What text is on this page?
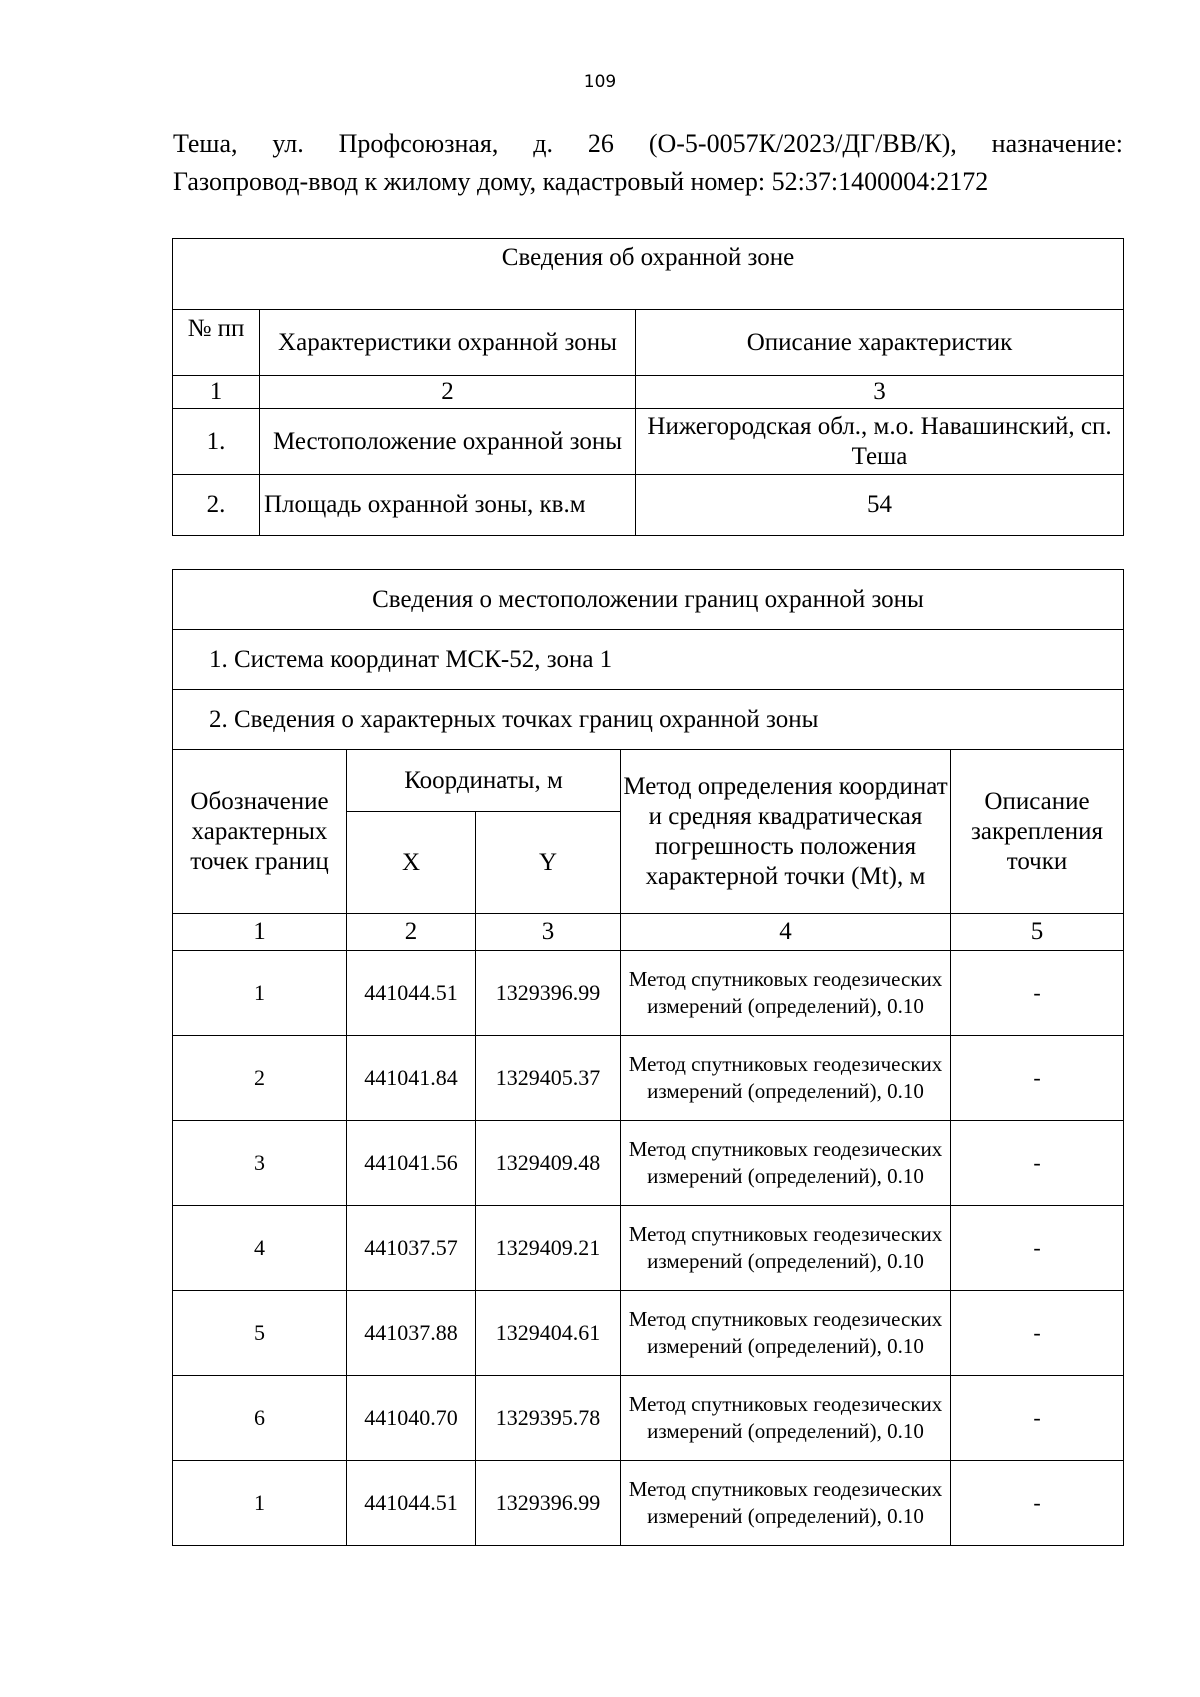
109
Теша, ул. Профсоюзная, д. 26 (О-5-0057К/2023/ДГ/ВВ/К), назначение:
Газопровод-ввод к жилому дому, кадастровый номер: 52:37:1400004:2172
Сведения об охранной зоне		
№ пп	Характеристики охранной зоны	Описание характеристик
1	2	3
1.	Местоположение охранной зоны	Нижегородская обл., м.о. Навашинский, сп. Теша
2.	Площадь охранной зоны, кв.м	54
Сведения о местоположении границ охранной зоны				
1. Система координат МСК-52, зона 1				
2. Сведения о характерных точках границ охранной зоны				
Обозначение характерных точек границ	Координаты, м		Метод определения координат и средняя квадратическая погрешность положения характерной точки (Mt), м	Описание закрепления точки
	X	Y		
1	2	3	4	5
1	441044.51	1329396.99	Метод спутниковых геодезических измерений (определений), 0.10	-
2	441041.84	1329405.37	Метод спутниковых геодезических измерений (определений), 0.10	-
3	441041.56	1329409.48	Метод спутниковых геодезических измерений (определений), 0.10	-
4	441037.57	1329409.21	Метод спутниковых геодезических измерений (определений), 0.10	-
5	441037.88	1329404.61	Метод спутниковых геодезических измерений (определений), 0.10	-
6	441040.70	1329395.78	Метод спутниковых геодезических измерений (определений), 0.10	-
1	441044.51	1329396.99	Метод спутниковых геодезических измерений (определений), 0.10	-
